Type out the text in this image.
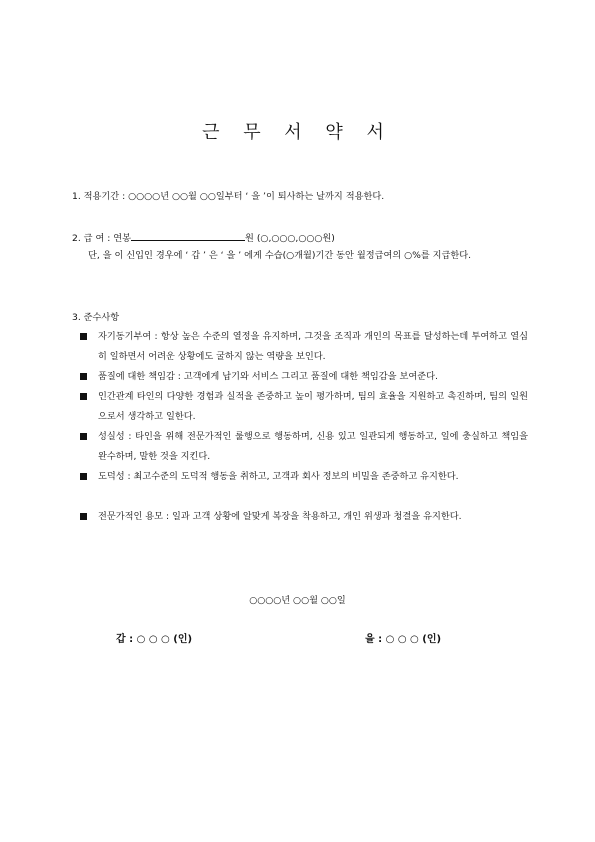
근 무 서 약 서
1. 적용기간 : ○○○○년 ○○월 ○○일부터 ‘ 을 ’이 퇴사하는 날까지 적용한다.
2. 급 여 : 연봉	원 (○,○○○,○○○원)
단, 을 이 신입인 경우에 ‘ 갑 ’ 은 ‘ 을 ’ 에게 수습(○개월)기간 동안 월정급여의 ○%를 지급한다.
3. 준수사항
자기동기부여 : 항상 높은 수준의 열정을 유지하며, 그것을 조직과 개인의 목표를 달성하는데 투여하고 열심히 일하면서 어려운 상황에도 굴하지 않는 역량을 보인다.
품질에 대한 책임감 : 고객에게 납기와 서비스 그리고 품질에 대한 책임감을 보여준다.
인간관계 타인의 다양한 경험과 실적을 존중하고 높이 평가하며, 팀의 효율을 지원하고 촉진하며, 팀의 일원으로서 생각하고 일한다.
성실성 : 타인을 위해 전문가적인 룰행으로 행동하며, 신용 있고 일관되게 행동하고, 일에 충실하고 책임을 완수하며, 말한 것을 지킨다.
도덕성 : 최고수준의 도덕적 행동을 취하고, 고객과 회사 정보의 비밀을 존중하고 유지한다.
전문가적인 용모 : 일과 고객 상황에 알맞게 복장을 착용하고, 개인 위생과 청결을 유지한다.
○○○○년 ○○월 ○○일
갑 : ○ ○ ○ (인)	을 : ○ ○ ○ (인)
